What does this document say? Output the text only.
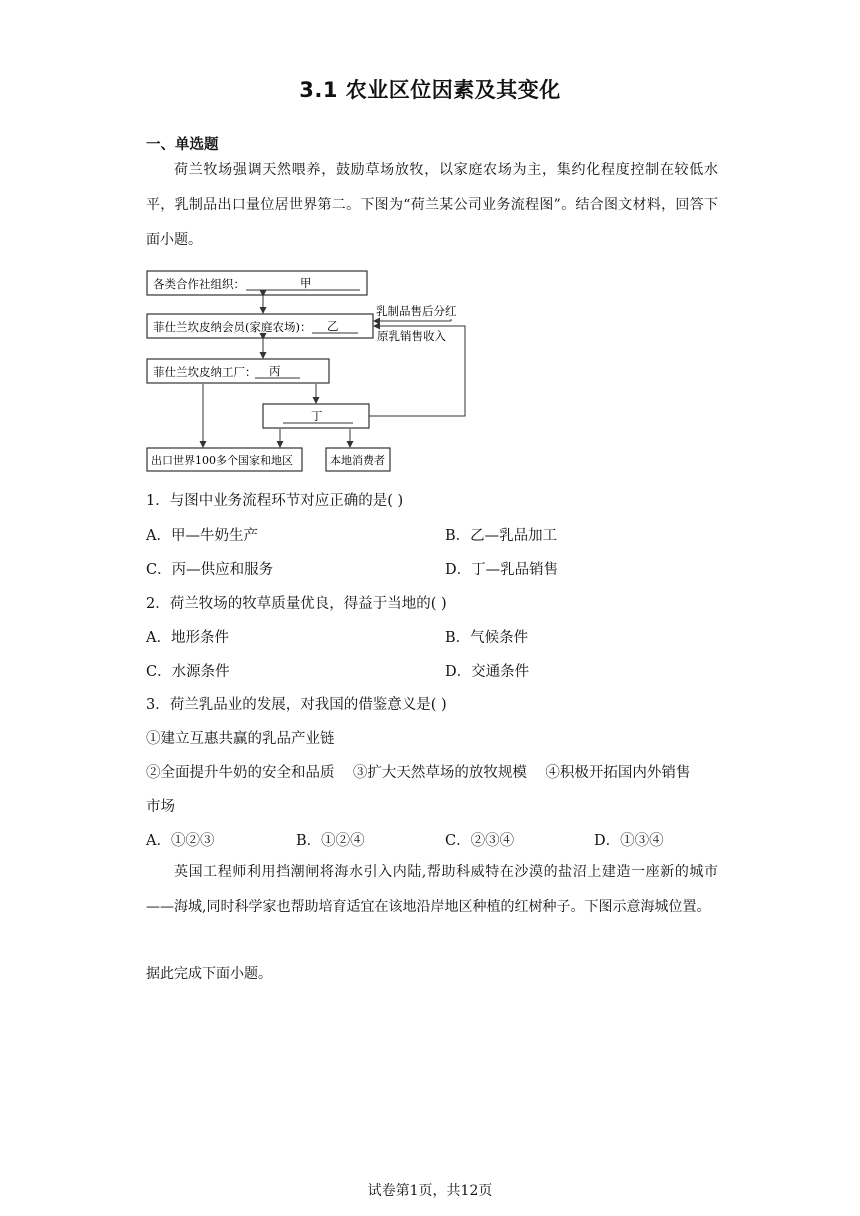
3.1 农业区位因素及其变化
一、单选题
荷兰牧场强调天然喂养，鼓励草场放牧，以家庭农场为主，集约化程度控制在较低水平，乳制品出口量位居世界第二。下图为“荷兰某公司业务流程图”。结合图文材料，回答下面小题。
各类合作社组织：	甲
菲仕兰坎皮纳会员(家庭农场)： 乙
菲仕兰坎皮纳工厂： 丙
丁
出口世界100多个国家和地区	本地消费者
乳制品售后分红
原乳销售收入
1．与图中业务流程环节对应正确的是( )
A．甲—牛奶生产	B．乙—乳品加工
C．丙—供应和服务	D．丁—乳品销售
2．荷兰牧场的牧草质量优良，得益于当地的( )
A．地形条件	B．气候条件
C．水源条件	D．交通条件
3．荷兰乳品业的发展，对我国的借鉴意义是( )
①建立互惠共赢的乳品产业链
②全面提升牛奶的安全和品质    ③扩大天然草场的放牧规模    ④积极开拓国内外销售
市场
A．①②③	B．①②④	C．②③④	D．①③④
英国工程师利用挡潮闸将海水引入内陆,帮助科威特在沙漠的盐沼上建造一座新的城市——海城,同时科学家也帮助培育适宜在该地沿岸地区种植的红树种子。下图示意海城位置。
据此完成下面小题。
试卷第1页，共12页
